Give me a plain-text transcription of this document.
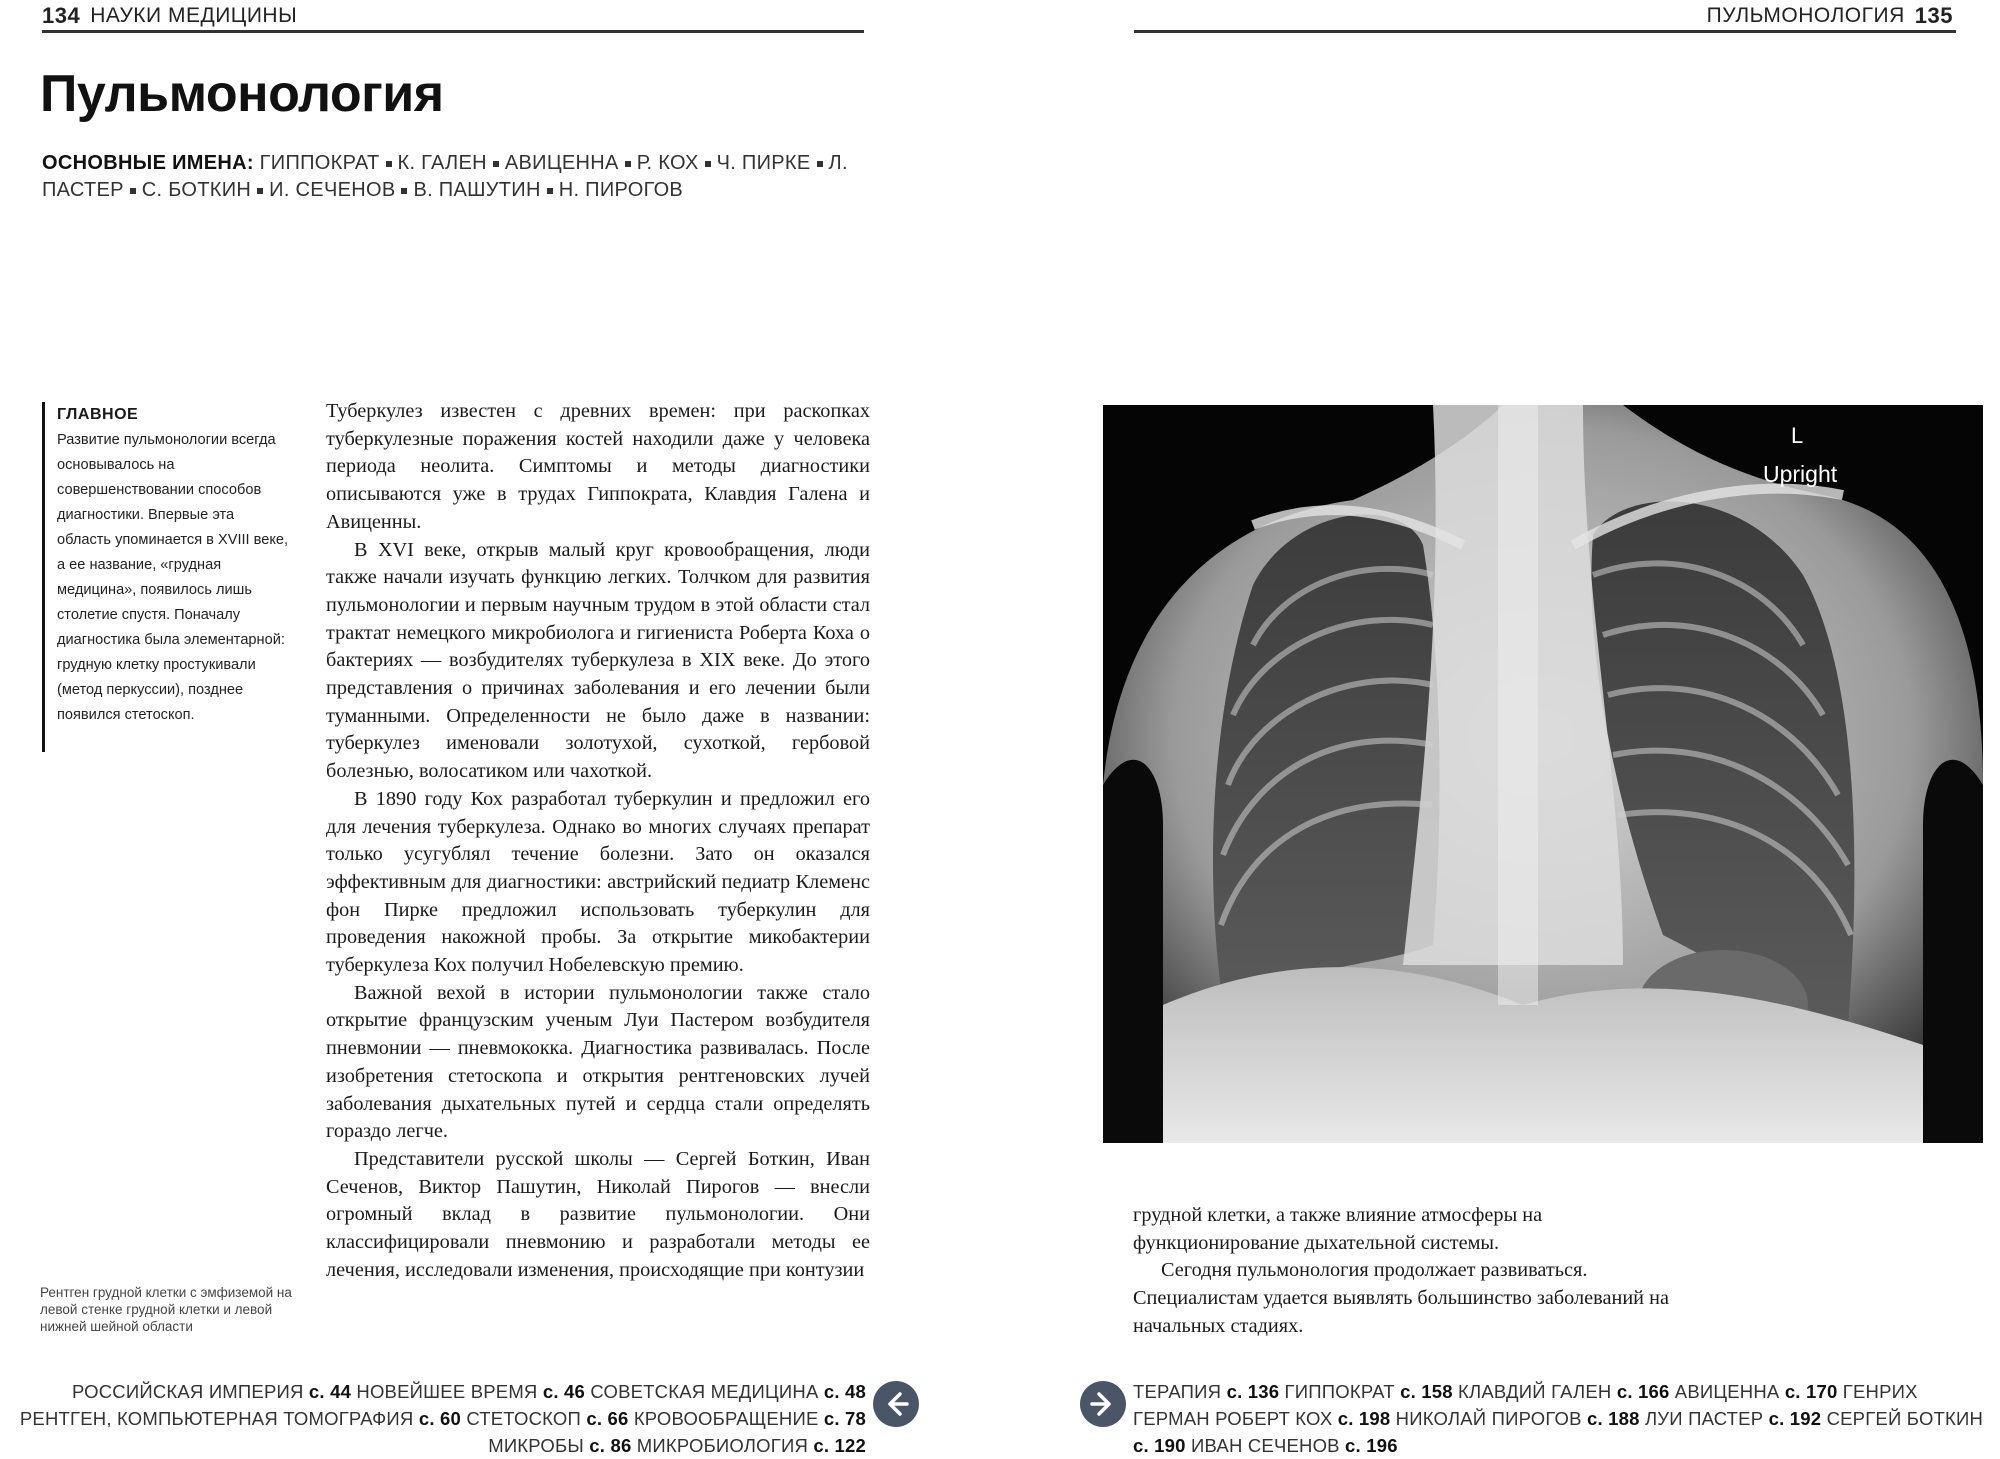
134 НАУКИ МЕДИЦИНЫ	ПУЛЬМОНОЛОГИЯ 135
Пульмонология
ОСНОВНЫЕ ИМЕНА: ГИППОКРАТ К. ГАЛЕН АВИЦЕННА Р. КОХ Ч. ПИРКЕ Л. ПАСТЕР С. БОТКИН И. СЕЧЕНОВ В. ПАШУТИН Н. ПИРОГОВ
ГЛАВНОЕ
Развитие пульмонологии всегда основывалось на совершенствовании способов диагностики. Впервые эта область упоминается в XVIII веке, а ее название, «грудная медицина», появилось лишь столетие спустя. Поначалу диагностика была элементарной: грудную клетку простукивали (метод перкуссии), позднее появился стетоскоп.

Туберкулез известен с древних времен: при раскопках туберкулезные поражения костей находили даже у человека периода неолита. Симптомы и методы диагностики описываются уже в трудах Гиппократа, Клавдия Галена и Авиценны.

В XVI веке, открыв малый круг кровообращения, люди также начали изучать функцию легких. Толчком для развития пульмонологии и первым научным трудом в этой области стал трактат немецкого микробиолога и гигиениста Роберта Коха о бактериях — возбудителях туберкулеза в XIX веке. До этого представления о причинах заболевания и его лечении были туманными. Определенности не было даже в названии: туберкулез именовали золотухой, сухоткой, гербовой болезнью, волосатиком или чахоткой.

В 1890 году Кох разработал туберкулин и предложил его для лечения туберкулеза. Однако во многих случаях препарат только усугублял течение болезни. Зато он оказался эффективным для диагностики: австрийский педиатр Клеменс фон Пирке предложил использовать туберкулин для проведения накожной пробы. За открытие микобактерии туберкулеза Кох получил Нобелевскую премию.

Важной вехой в истории пульмонологии также стало открытие французским ученым Луи Пастером возбудителя пневмонии — пневмококка. Диагностика развивалась. После изобретения стетоскопа и открытия рентгеновских лучей заболевания дыхательных путей и сердца стали определять гораздо легче.

Представители русской школы — Сергей Боткин, Иван Сеченов, Виктор Пашутин, Николай Пирогов — внесли огромный вклад в развитие пульмонологии. Они классифицировали пневмонию и разработали методы ее лечения, исследовали изменения, происходящие при контузии

Рентген грудной клетки с эмфиземой на левой стенке грудной клетки и левой нижней шейной области
L
Upright

грудной клетки, а также влияние атмосферы на функционирование дыхательной системы.

Сегодня пульмонология продолжает развиваться. Специалистам удается выявлять большинство заболеваний на начальных стадиях.

РОССИЙСКАЯ ИМПЕРИЯ с. 44 НОВЕЙШЕЕ ВРЕМЯ с. 46 СОВЕТСКАЯ МЕДИЦИНА с. 48 РЕНТГЕН, КОМПЬЮТЕРНАЯ ТОМОГРАФИЯ с. 60 СТЕТОСКОП с. 66 КРОВООБРАЩЕНИЕ с. 78 МИКРОБЫ с. 86 МИКРОБИОЛОГИЯ с. 122
ТЕРАПИЯ с. 136 ГИППОКРАТ с. 158 КЛАВДИЙ ГАЛЕН с. 166 АВИЦЕННА с. 170 ГЕНРИХ ГЕРМАН РОБЕРТ КОХ с. 198 НИКОЛАЙ ПИРОГОВ с. 188 ЛУИ ПАСТЕР с. 192 СЕРГЕЙ БОТКИН с. 190 ИВАН СЕЧЕНОВ с. 196
